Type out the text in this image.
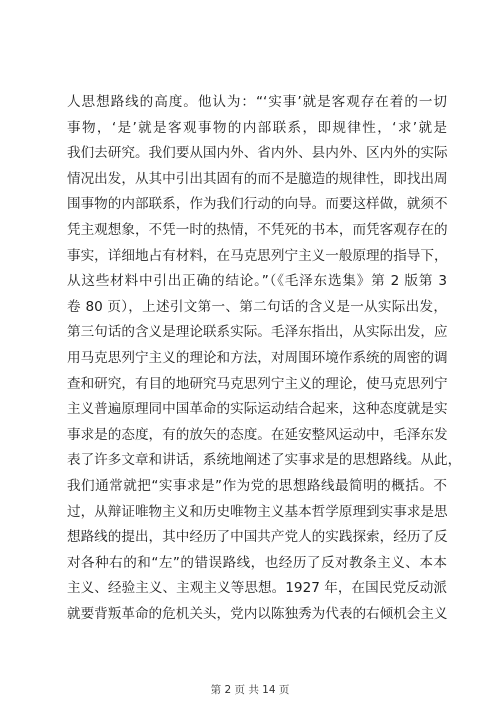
人思想路线的高度。他认为：“‘实事’就是客观存在着的一切
事物，‘是’就是客观事物的内部联系，即规律性，‘求’就是
我们去研究。我们要从国内外、省内外、县内外、区内外的实际
情况出发，从其中引出其固有的而不是臆造的规律性，即找出周
围事物的内部联系，作为我们行动的向导。而要这样做，就须不
凭主观想象，不凭一时的热情，不凭死的书本，而凭客观存在的
事实，详细地占有材料，在马克思列宁主义一般原理的指导下，
从这些材料中引出正确的结论。”（《毛泽东选集》第 2 版第 3
卷 80 页），上述引文第一、第二句话的含义是一从实际出发，
第三句话的含义是理论联系实际。毛泽东指出，从实际出发，应
用马克思列宁主义的理论和方法，对周围环境作系统的周密的调
查和研究，有目的地研究马克思列宁主义的理论，使马克思列宁
主义普遍原理同中国革命的实际运动结合起来，这种态度就是实
事求是的态度，有的放矢的态度。在延安整风运动中，毛泽东发
表了许多文章和讲话，系统地阐述了实事求是的思想路线。从此，
我们通常就把“实事求是”作为党的思想路线最简明的概括。不
过，从辩证唯物主义和历史唯物主义基本哲学原理到实事求是思
想路线的提出，其中经历了中国共产党人的实践探索，经历了反
对各种右的和“左”的错误路线，也经历了反对教条主义、本本
主义、经验主义、主观主义等思想。1927 年，在国民党反动派
就要背叛革命的危机关头，党内以陈独秀为代表的右倾机会主义
第 2 页 共 14 页
